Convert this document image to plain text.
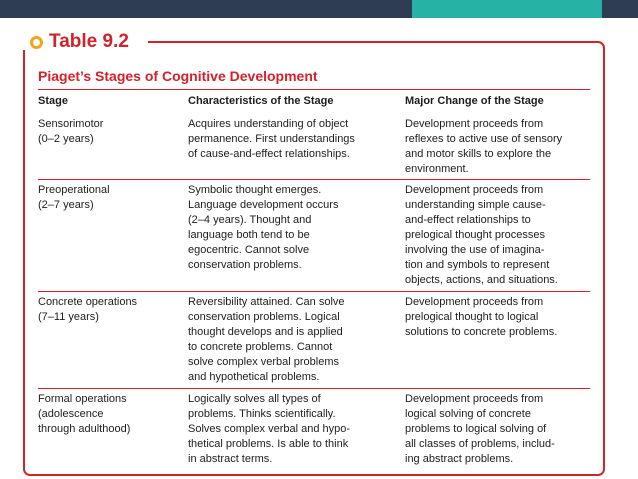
Table 9.2
Piaget’s Stages of Cognitive Development
Stage	Characteristics of the Stage	Major Change of the Stage
Sensorimotor
(0–2 years)
Acquires understanding of object
permanence. First understandings
of cause-and-effect relationships.
Development proceeds from
reflexes to active use of sensory
and motor skills to explore the
environment.
Preoperational
(2–7 years)
Symbolic thought emerges.
Language development occurs
(2–4 years). Thought and
language both tend to be
egocentric. Cannot solve
conservation problems.
Development proceeds from
understanding simple cause-
and-effect relationships to
prelogical thought processes
involving the use of imagina-
tion and symbols to represent
objects, actions, and situations.
Concrete operations
(7–11 years)
Reversibility attained. Can solve
conservation problems. Logical
thought develops and is applied
to concrete problems. Cannot
solve complex verbal problems
and hypothetical problems.
Development proceeds from
prelogical thought to logical
solutions to concrete problems.
Formal operations
(adolescence
through adulthood)
Logically solves all types of
problems. Thinks scientifically.
Solves complex verbal and hypo-
thetical problems. Is able to think
in abstract terms.
Development proceeds from
logical solving of concrete
problems to logical solving of
all classes of problems, includ-
ing abstract problems.
